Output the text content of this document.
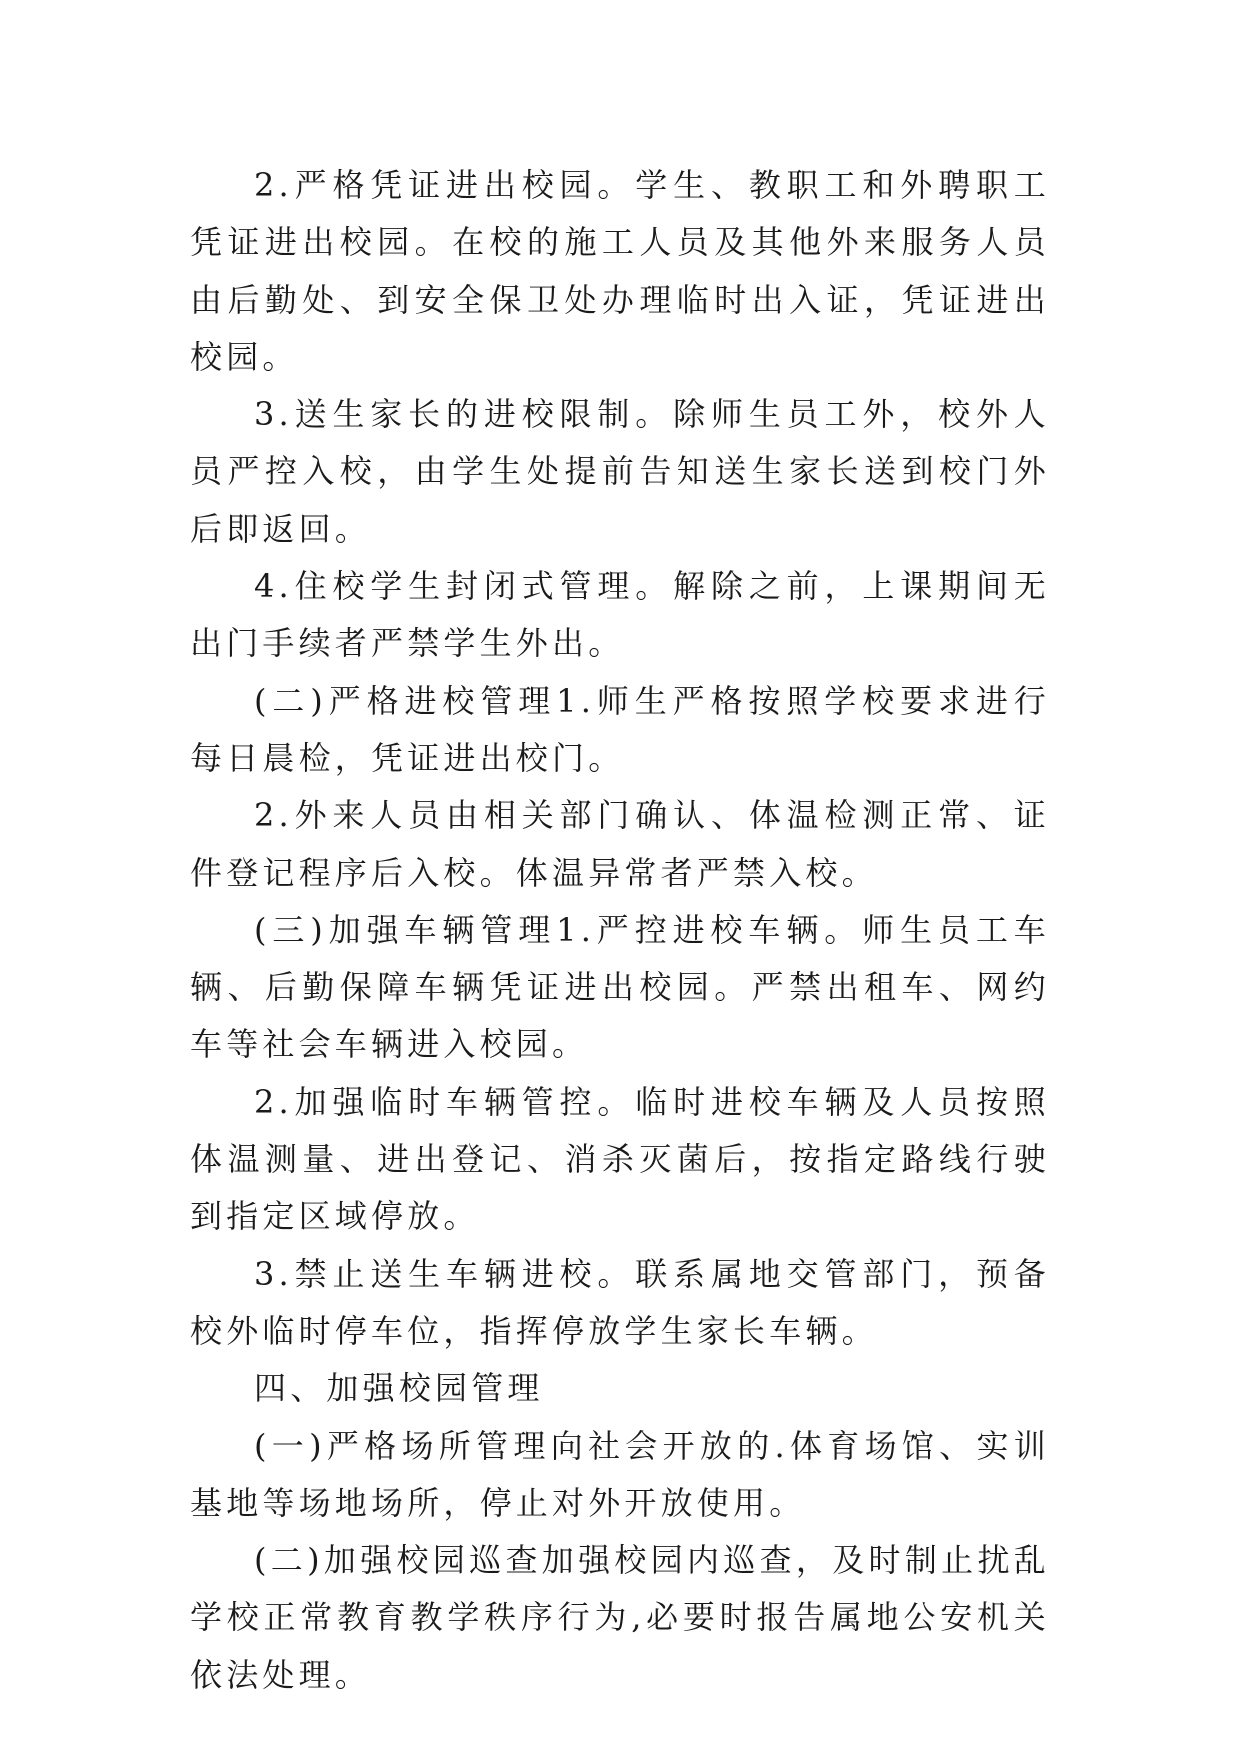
2.严格凭证进出校园。学生、教职工和外聘职工凭证进出校园。在校的施工人员及其他外来服务人员由后勤处、到安全保卫处办理临时出入证，凭证进出校园。

3.送生家长的进校限制。除师生员工外，校外人员严控入校，由学生处提前告知送生家长送到校门外后即返回。

4.住校学生封闭式管理。解除之前，上课期间无出门手续者严禁学生外出。

(二)严格进校管理1.师生严格按照学校要求进行每日晨检，凭证进出校门。

2.外来人员由相关部门确认、体温检测正常、证件登记程序后入校。体温异常者严禁入校。

(三)加强车辆管理1.严控进校车辆。师生员工车辆、后勤保障车辆凭证进出校园。严禁出租车、网约车等社会车辆进入校园。

2.加强临时车辆管控。临时进校车辆及人员按照体温测量、进出登记、消杀灭菌后，按指定路线行驶到指定区域停放。

3.禁止送生车辆进校。联系属地交管部门，预备校外临时停车位，指挥停放学生家长车辆。

四、加强校园管理

(一)严格场所管理向社会开放的.体育场馆、实训基地等场地场所，停止对外开放使用。

(二)加强校园巡查加强校园内巡查，及时制止扰乱学校正常教育教学秩序行为,必要时报告属地公安机关依法处理。
